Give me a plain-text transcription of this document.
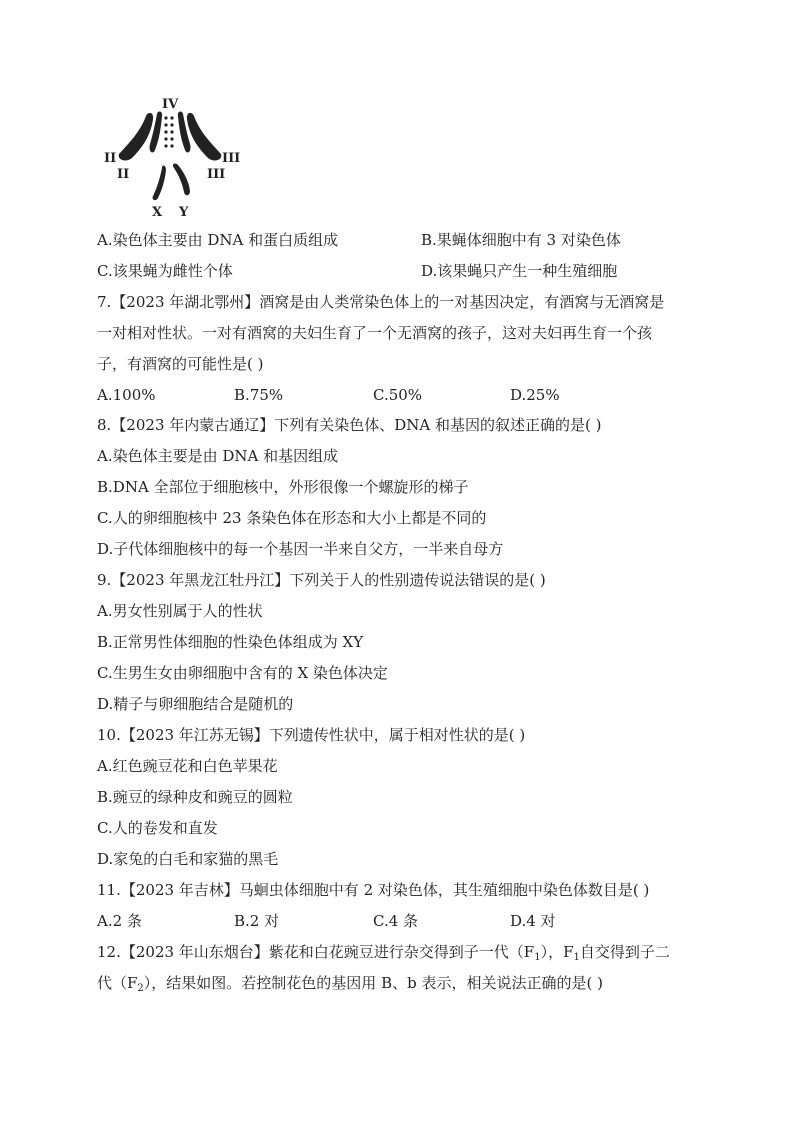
IV
II
II
III
III
X Y
A.染色体主要由 DNA 和蛋白质组成	B.果蝇体细胞中有 3 对染色体
C.该果蝇为雌性个体	D.该果蝇只产生一种生殖细胞
7.【2023 年湖北鄂州】酒窝是由人类常染色体上的一对基因决定，有酒窝与无酒窝是
一对相对性状。一对有酒窝的夫妇生育了一个无酒窝的孩子，这对夫妇再生育一个孩
子，有酒窝的可能性是( )
A.100%	B.75%	C.50%	D.25%
8.【2023 年内蒙古通辽】下列有关染色体、DNA 和基因的叙述正确的是( )
A.染色体主要是由 DNA 和基因组成
B.DNA 全部位于细胞核中，外形很像一个螺旋形的梯子
C.人的卵细胞核中 23 条染色体在形态和大小上都是不同的
D.子代体细胞核中的每一个基因一半来自父方，一半来自母方
9.【2023 年黑龙江牡丹江】下列关于人的性别遗传说法错误的是( )
A.男女性别属于人的性状
B.正常男性体细胞的性染色体组成为 XY
C.生男生女由卵细胞中含有的 X 染色体决定
D.精子与卵细胞结合是随机的
10.【2023 年江苏无锡】下列遗传性状中，属于相对性状的是( )
A.红色豌豆花和白色苹果花
B.豌豆的绿种皮和豌豆的圆粒
C.人的卷发和直发
D.家兔的白毛和家猫的黑毛
11.【2023 年吉林】马蛔虫体细胞中有 2 对染色体，其生殖细胞中染色体数目是( )
A.2 条	B.2 对	C.4 条	D.4 对
12.【2023 年山东烟台】紫花和白花豌豆进行杂交得到子一代$(F_1)$，$F_1$自交得到子二
代$(F_2)$，结果如图。若控制花色的基因用 B、b 表示，相关说法正确的是( )
